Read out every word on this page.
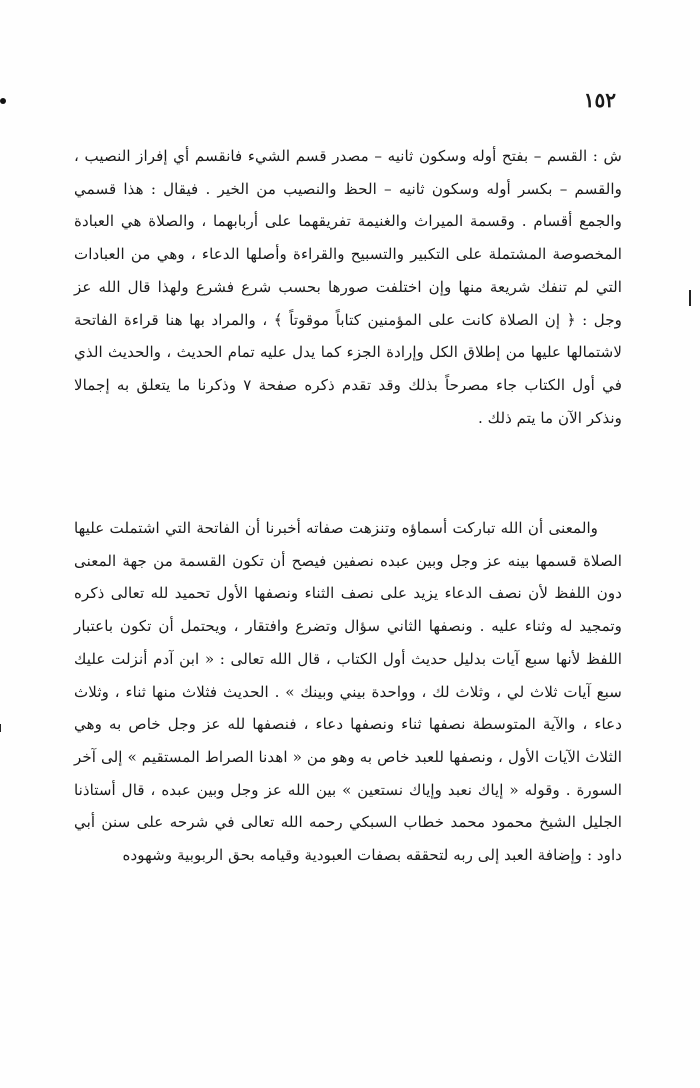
١٥٢

ش : القسم – بفتح أوله وسكون ثانيه – مصدر قسم الشيء فانقسم أي إفراز النصيب ، والقسم – بكسر أوله وسكون ثانيه – الحظ والنصيب من الخير . فيقال : هذا قسمي والجمع أقسام . وقسمة الميراث والغنيمة تفريقهما على أربابهما ، والصلاة هي العبادة المخصوصة المشتملة على التكبير والتسبيح والقراءة وأصلها الدعاء ، وهي من العبادات التي لم تنفك شريعة منها وإن اختلفت صورها بحسب شرع فشرع ولهذا قال الله عز وجل : ﴿ إن الصلاة كانت على المؤمنين كتاباً موقوتاً ﴾ ، والمراد بها هنا قراءة الفاتحة لاشتمالها عليها من إطلاق الكل وإرادة الجزء كما يدل عليه تمام الحديث ، والحديث الذي في أول الكتاب جاء مصرحاً بذلك وقد تقدم ذكره صفحة ٧ وذكرنا ما يتعلق به إجمالا ونذكر الآن ما يتم ذلك .

والمعنى أن الله تباركت أسماؤه وتنزهت صفاته أخبرنا أن الفاتحة التي اشتملت عليها الصلاة قسمها بينه عز وجل وبين عبده نصفين فيصح أن تكون القسمة من جهة المعنى دون اللفظ لأن نصف الدعاء يزيد على نصف الثناء ونصفها الأول تحميد لله تعالى ذكره وتمجيد له وثناء عليه . ونصفها الثاني سؤال وتضرع وافتقار ، ويحتمل أن تكون باعتبار اللفظ لأنها سبع آيات بدليل حديث أول الكتاب ، قال الله تعالى : « ابن آدم أنزلت عليك سبع آيات ثلاث لي ، وثلاث لك ، وواحدة بيني وبينك » . الحديث فثلاث منها ثناء ، وثلاث دعاء ، والآية المتوسطة نصفها ثناء ونصفها دعاء ، فنصفها لله عز وجل خاص به وهي الثلاث الآيات الأول ، ونصفها للعبد خاص به وهو من « اهدنا الصراط المستقيم » إلى آخر السورة . وقوله « إياك نعبد وإياك نستعين » بين الله عز وجل وبين عبده ، قال أستاذنا الجليل الشيخ محمود محمد خطاب السبكي رحمه الله تعالى في شرحه على سنن أبي داود : وإضافة العبد إلى ربه لتحققه بصفات العبودية وقيامه بحق الربوبية وشهوده
